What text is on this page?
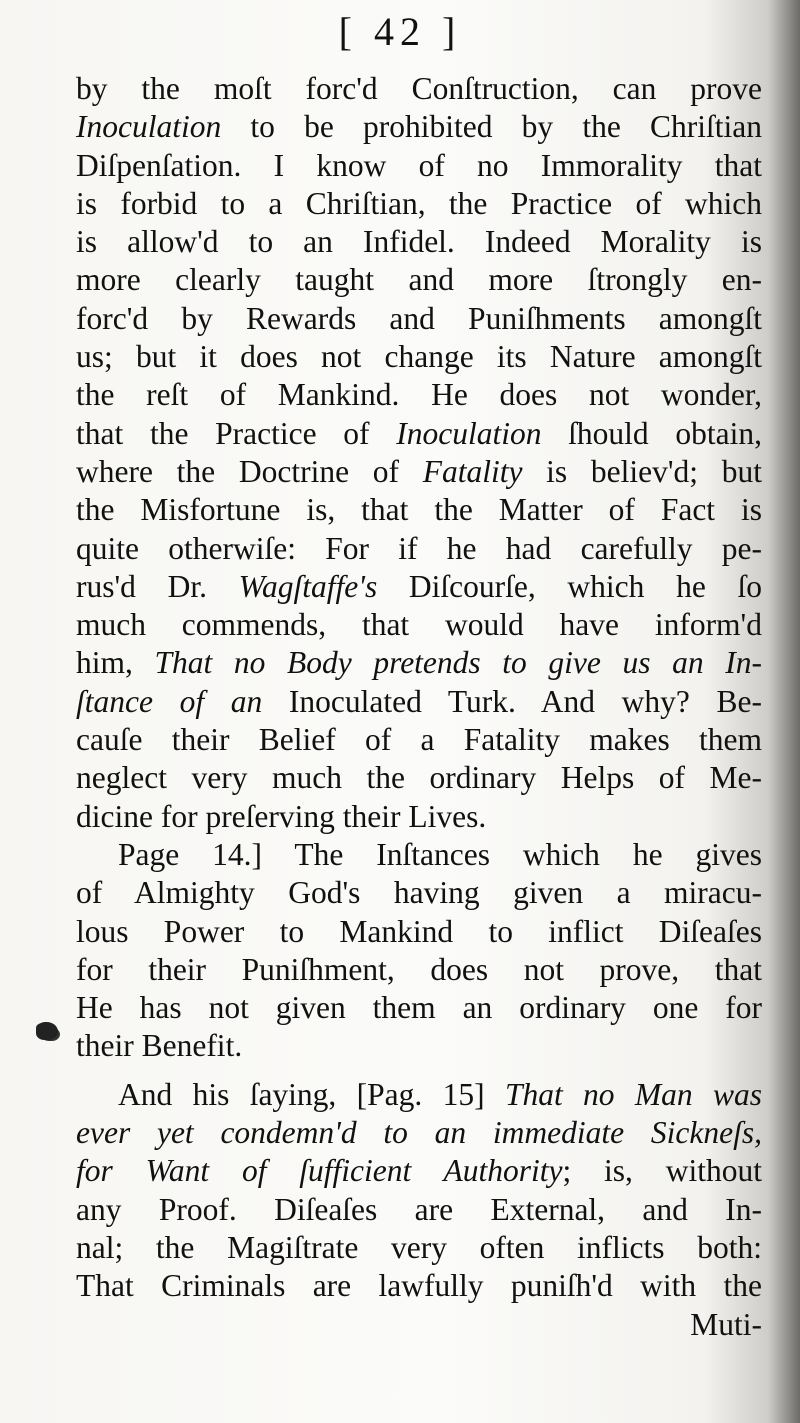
[ 42 ]
by the moſt forc'd Conſtruction, can prove
Inoculation to be prohibited by the Chriſtian
Diſpenſation. I know of no Immorality that
is forbid to a Chriſtian, the Practice of which
is allow'd to an Infidel. Indeed Morality is
more clearly taught and more ſtrongly en-
forc'd by Rewards and Puniſhments amongſt
us; but it does not change its Nature amongſt
the reſt of Mankind. He does not wonder,
that the Practice of Inoculation ſhould obtain,
where the Doctrine of Fatality is believ'd; but
the Misfortune is, that the Matter of Fact is
quite otherwiſe: For if he had carefully pe-
rus'd Dr. Wagſtaffe's Diſcourſe, which he ſo
much commends, that would have inform'd
him, That no Body pretends to give us an In-
ſtance of an Inoculated Turk. And why? Be-
cauſe their Belief of a Fatality makes them
neglect very much the ordinary Helps of Me-
dicine for preſerving their Lives.
Page 14.] The Inſtances which he gives
of Almighty God's having given a miracu-
lous Power to Mankind to inflict Diſeaſes
for their Puniſhment, does not prove, that
He has not given them an ordinary one for
their Benefit.
And his ſaying, [Pag. 15] That no Man was
ever yet condemn'd to an immediate Sickneſs,
for Want of ſufficient Authority; is, without
any Proof. Diſeaſes are External, and In-
nal; the Magiſtrate very often inflicts both:
That Criminals are lawfully puniſh'd with the
Muti-
